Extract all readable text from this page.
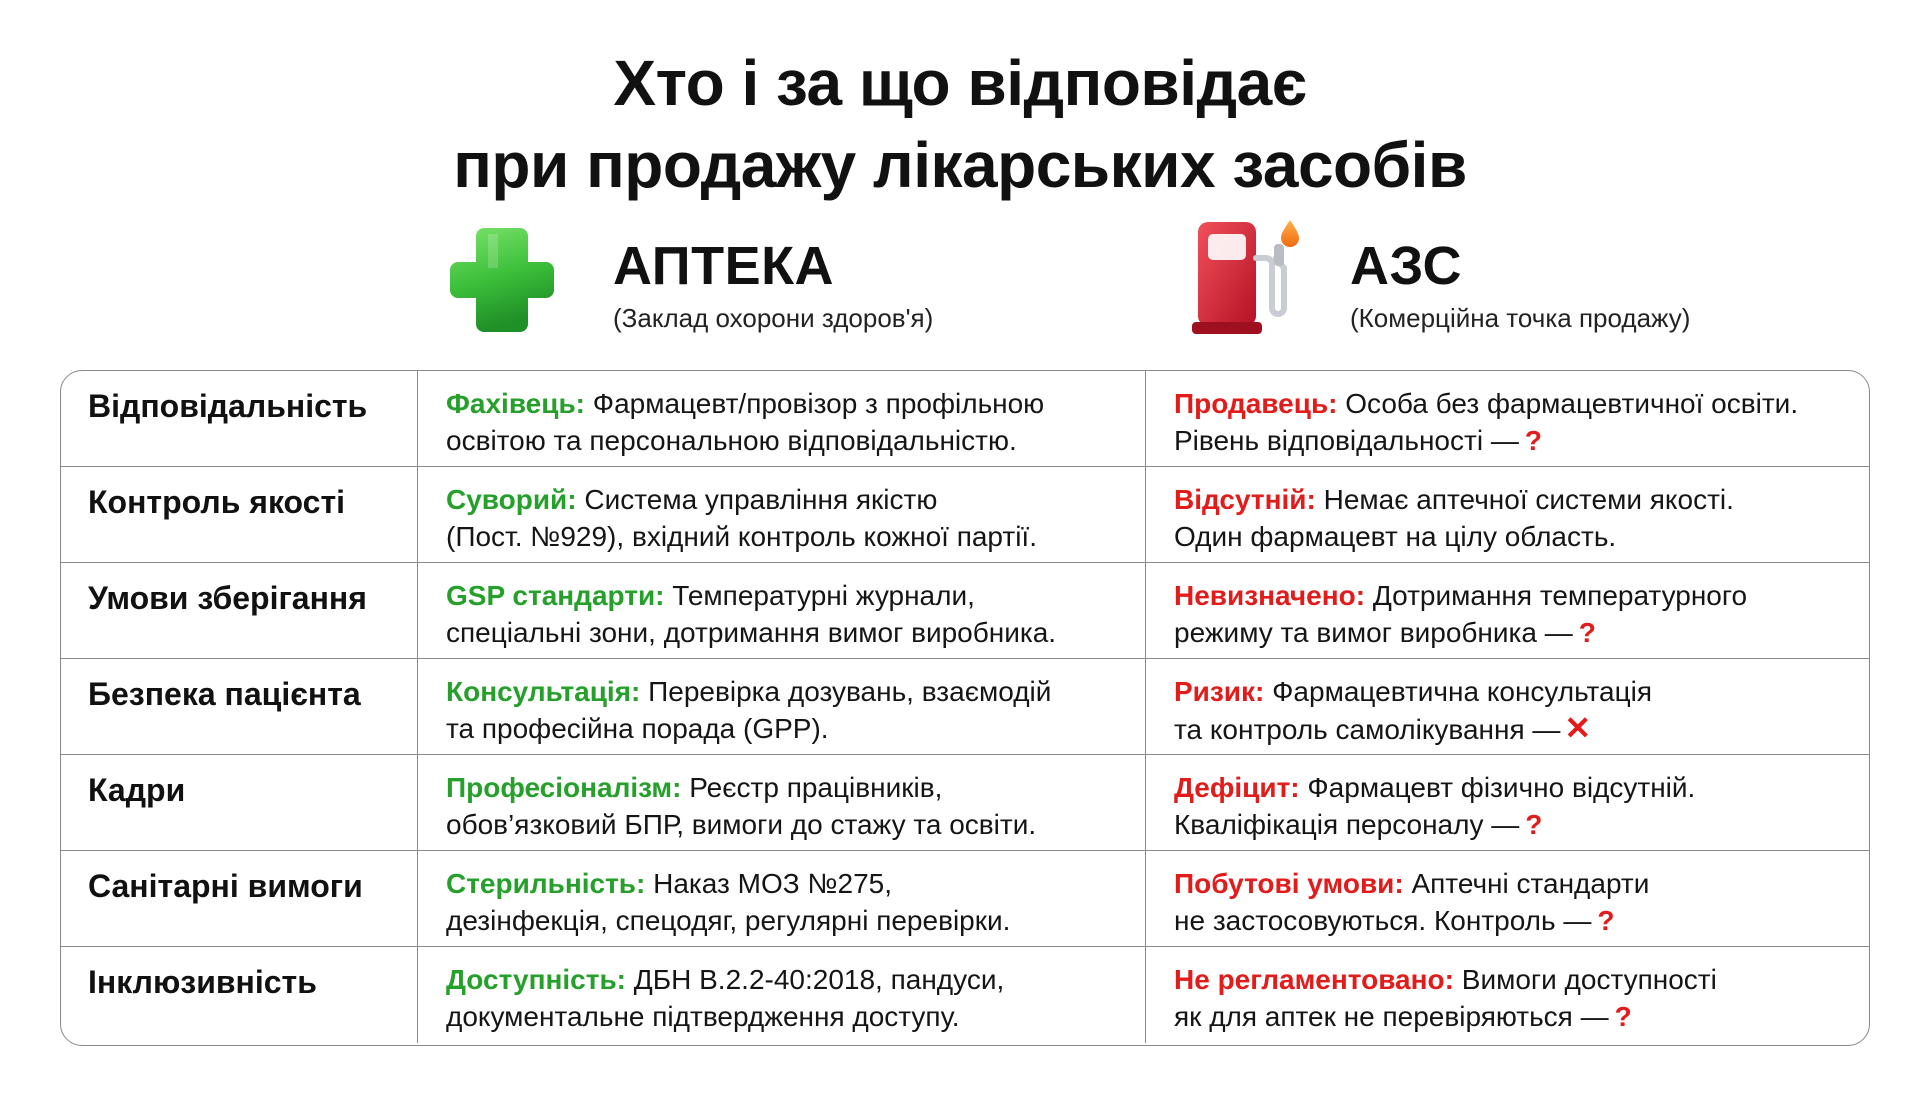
Хто і за що відповідає
при продажу лікарських засобів
АПТЕКА
(Заклад охорони здоров'я)
АЗС
(Комерційна точка продажу)
Відповідальність	Фахівець: Фармацевт/провізор з профільною
освітою та персональною відповідальністю.
Продавець: Особа без фармацевтичної освіти.
Рівень відповідальності — ?
Контроль якості	Суворий: Система управління якістю
(Пост. №929), вхідний контроль кожної партії.
Відсутній: Немає аптечної системи якості.
Один фармацевт на цілу область.
Умови зберігання	GSP стандарти: Температурні журнали,
спеціальні зони, дотримання вимог виробника.
Невизначено: Дотримання температурного
режиму та вимог виробника — ?
Безпека пацієнта	Консультація: Перевірка дозувань, взаємодій
та професійна порада (GPP).
Ризик: Фармацевтична консультація
та контроль самолікування — ✕
Кадри	Професіоналізм: Реєстр працівників,
обов’язковий БПР, вимоги до стажу та освіти.
Дефіцит: Фармацевт фізично відсутній.
Кваліфікація персоналу — ?
Санітарні вимоги	Стерильність: Наказ МОЗ №275,
дезінфекція, спецодяг, регулярні перевірки.
Побутові умови: Аптечні стандарти
не застосовуються. Контроль — ?
Інклюзивність	Доступність: ДБН В.2.2-40:2018, пандуси,
документальне підтвердження доступу.
Не регламентовано: Вимоги доступності
як для аптек не перевіряються — ?
